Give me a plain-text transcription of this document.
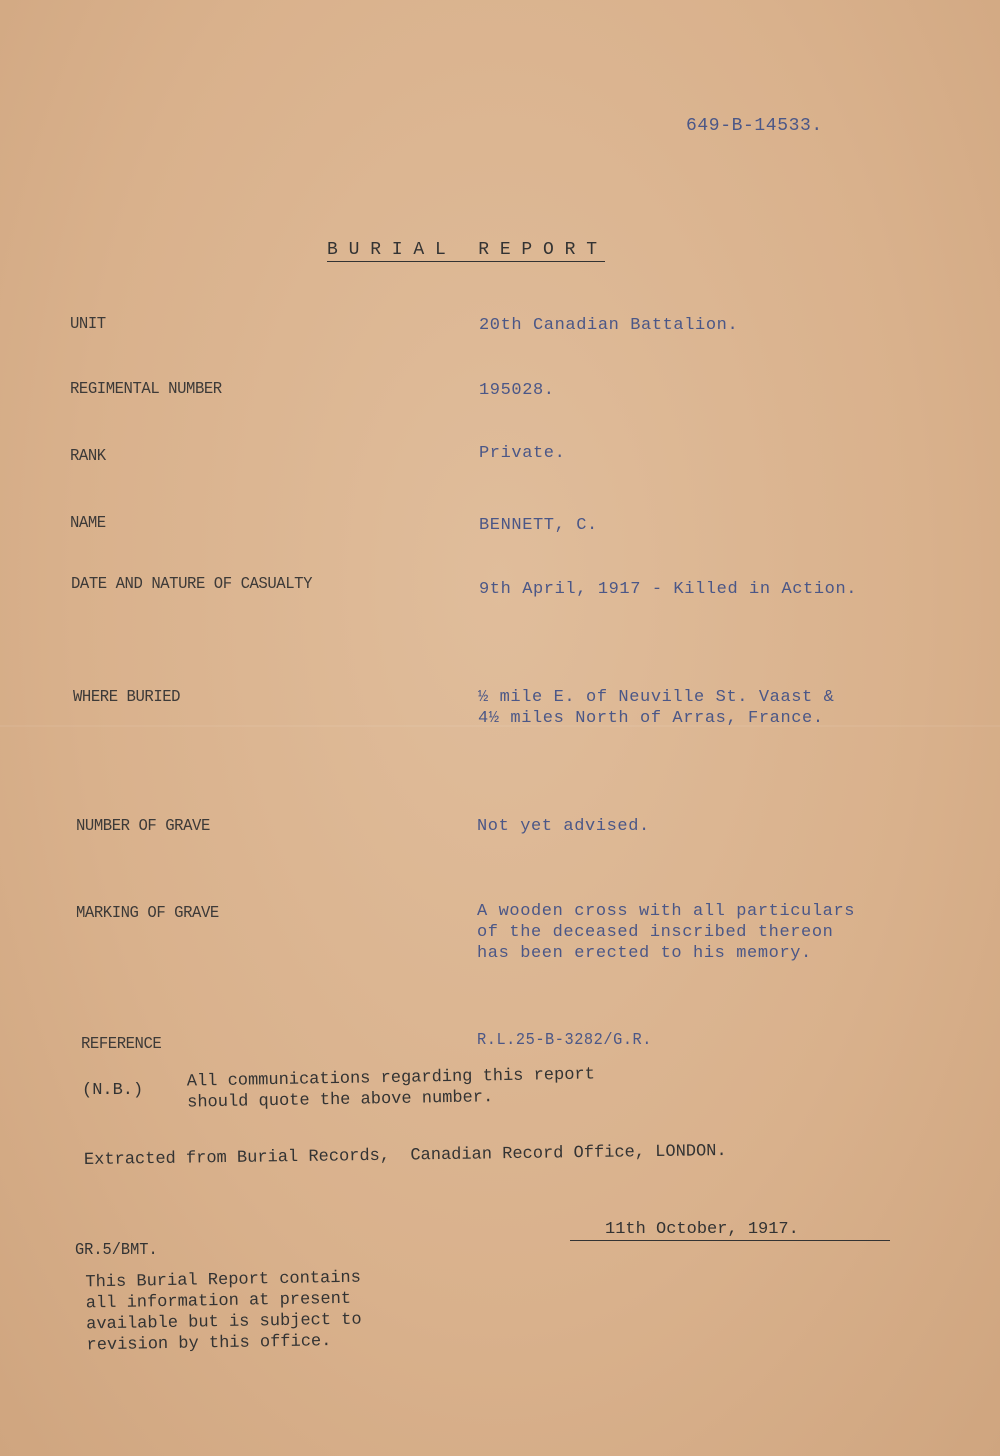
649-B-14533.
B U R I A L   R E P O R T
UNIT	20th Canadian Battalion.
REGIMENTAL NUMBER	195028.
RANK	Private.
NAME	BENNETT, C.
DATE AND NATURE OF CASUALTY	9th April, 1917 - Killed in Action.
WHERE BURIED	½ mile E. of Neuville St. Vaast &
4½ miles North of Arras, France.
NUMBER OF GRAVE	Not yet advised.
MARKING OF GRAVE	A wooden cross with all particulars
of the deceased inscribed thereon
has been erected to his memory.
REFERENCE	R.L.25-B-3282/G.R.
(N.B.)	All communications regarding this report
should quote the above number.
Extracted from Burial Records,  Canadian Record Office, LONDON.
11th October, 1917.
GR.5/BMT.
This Burial Report contains
all information at present
available but is subject to
revision by this office.
